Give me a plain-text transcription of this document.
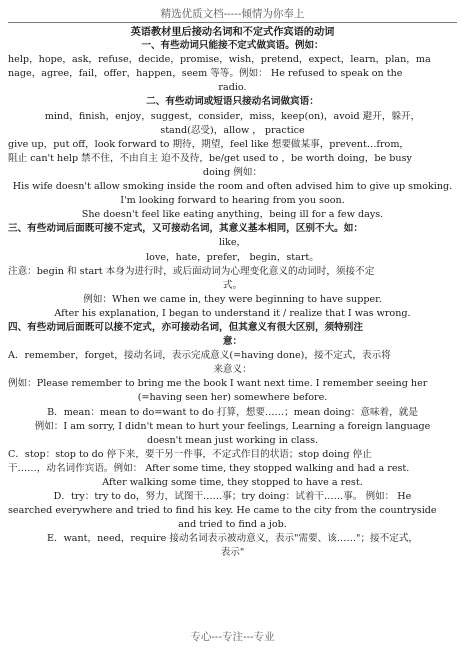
精选优质文档-----倾情为你奉上
英语教材里后接动名词和不定式作宾语的动词
一、有些动词只能接不定式做宾语。例如：
help，hope，ask，refuse，decide，promise，wish，pretend，expect，learn，plan，ma
nage，agree，fail，offer，happen，seem 等等。例如： He refused to speak on the
radio.
二、有些动词或短语只接动名词做宾语：
mind，finish，enjoy，suggest，consider，miss，keep(on)，avoid 避开，躲开，
stand(忍受)，allow ， practice
give up，put off，look forward to 期待，期望，feel like 想要做某事，prevent…from，
阻止 can't help 禁不住，不由自主 迫不及待，be/get used to ，be worth doing，be busy
doing 例如：
His wife doesn't allow smoking inside the room and often advised him to give up smoking.
I'm looking forward to hearing from you soon.
She doesn't feel like eating anything，being ill for a few days.
三、有些动词后面既可接不定式，又可接动名词，其意义基本相同，区别不大。如：
like，
love，hate，prefer， begin，start。
注意：begin 和 start 本身为进行时，或后面动词为心理变化意义的动词时，须接不定
式。
例如：When we came in, they were beginning to have supper.
After his explanation, I began to understand it / realize that I was wrong.
四、有些动词后面既可以接不定式，亦可接动名词，但其意义有很大区别，须特别注
意：
A．remember，forget，接动名词，表示完成意义(=having done)，接不定式，表示将
来意义：
例如：Please remember to bring me the book I want next time. I remember seeing her
(=having seen her) somewhere before.
B．mean：mean to do=want to do 打算，想要……；mean doing：意味着，就是
例如：I am sorry, I didn't mean to hurt your feelings, Learning a foreign language
doesn't mean just working in class.
C．stop：stop to do 停下来，要干另一件事，不定式作目的状语；stop doing 停止
干……，动名词作宾语。例如： After some time, they stopped walking and had a rest.
After walking some time, they stopped to have a rest.
D．try：try to do，努力，试图干……事；try doing：试着干……事。 例如： He
searched everywhere and tried to find his key. He came to the city from the countryside
and tried to find a job.
E．want，need，require 接动名词表示被动意义，表示"需要、该……"；接不定式，
表示"
专心---专注---专业
